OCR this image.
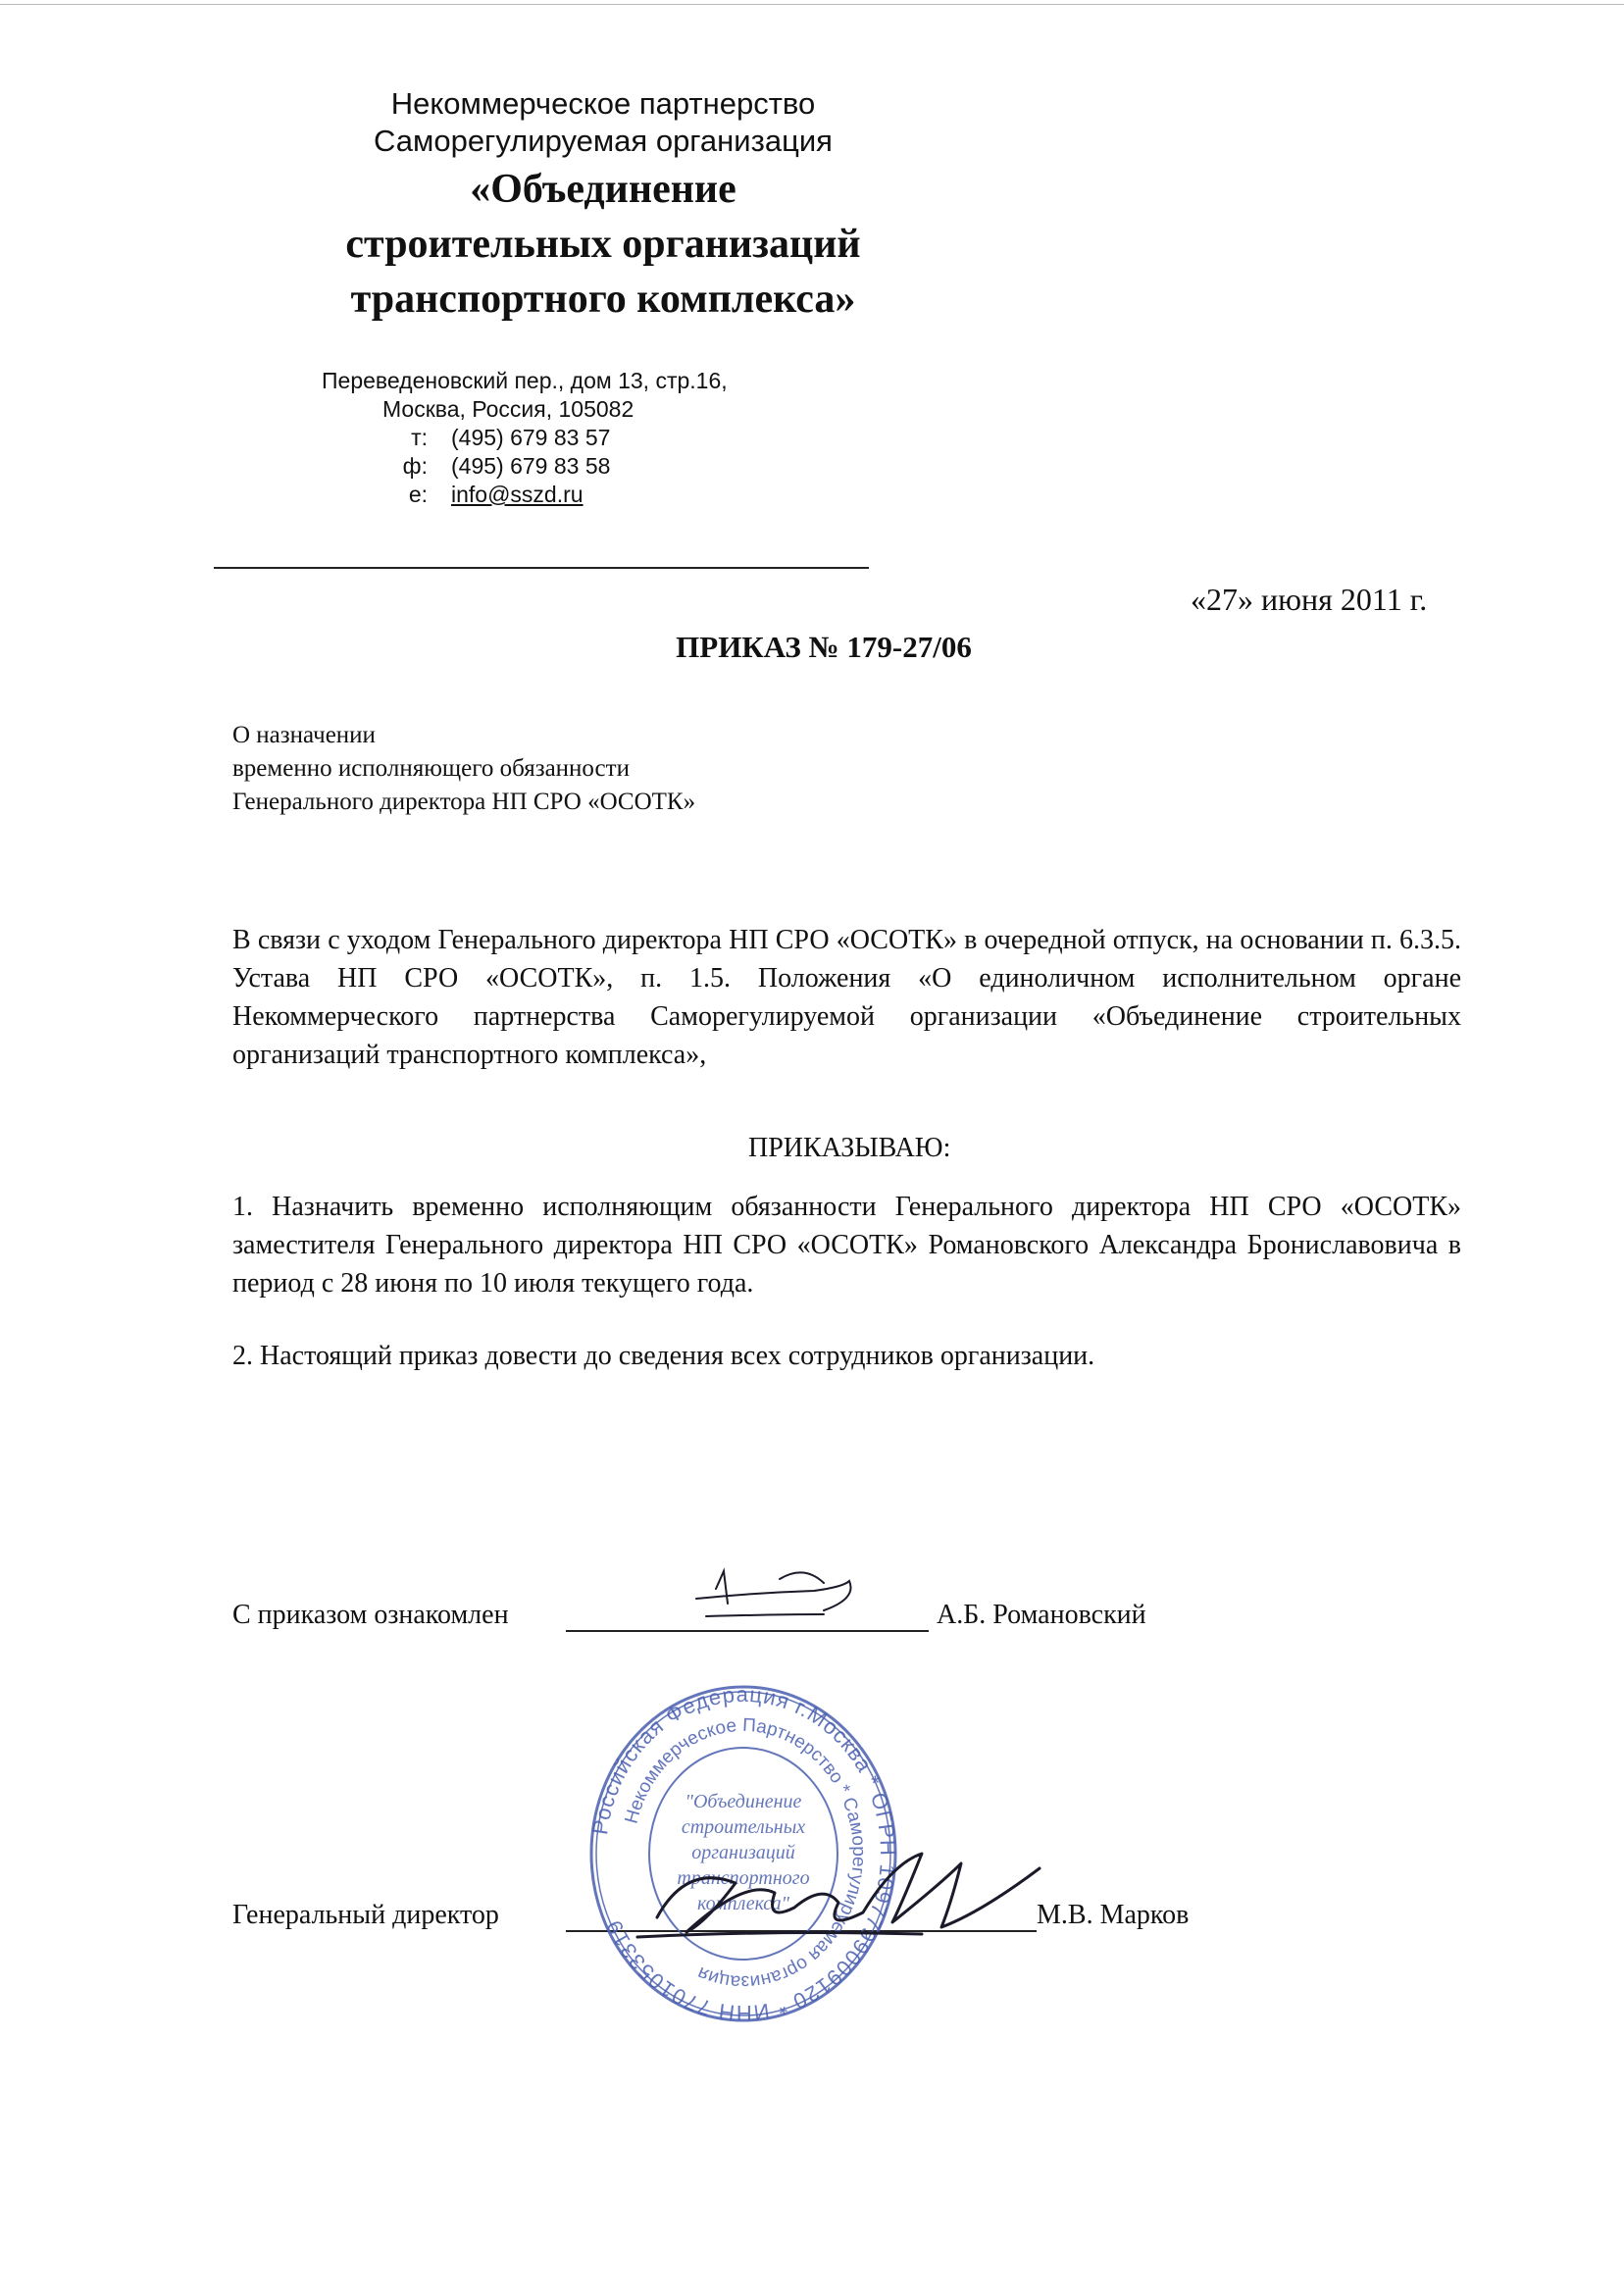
Некоммерческое партнерство
Саморегулируемая организация
«Объединение
строительных организаций
транспортного комплекса»
Переведеновский пер., дом 13, стр.16,
Москва, Россия, 105082
т: (495) 679 83 57
ф: (495) 679 83 58
e: info@sszd.ru
«27» июня 2011 г.
ПРИКАЗ № 179-27/06
О назначении
временно исполняющего обязанности
Генерального директора НП СРО «ОСОТК»
В связи с уходом Генерального директора НП СРО «ОСОТК» в очередной отпуск, на основании п. 6.3.5. Устава НП СРО «ОСОТК», п. 1.5. Положения «О единоличном исполнительном органе Некоммерческого партнерства Саморегулируемой организации «Объединение строительных организаций транспортного комплекса»,
ПРИКАЗЫВАЮ:
1. Назначить временно исполняющим обязанности Генерального директора НП СРО «ОСОТК» заместителя Генерального директора НП СРО «ОСОТК» Романовского Александра Брониславовича в период с 28 июня по 10 июля текущего года.
2. Настоящий приказ довести до сведения всех сотрудников организации.
С приказом ознакомлен	А.Б. Романовский
Генеральный директор	М.В. Марков
Российская Федерация г.Москва * ОГРН 1097799009120 * ИНН 7701053319
Некоммерческое Партнерство * Саморегулируемая организация
"Объединение
строительных
организаций
транспортного
комплекса"
